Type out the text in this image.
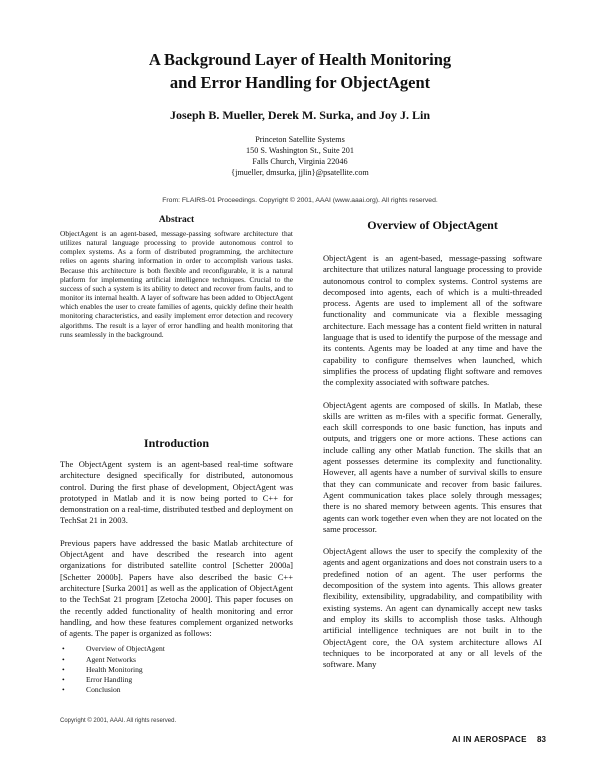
A Background Layer of Health Monitoring
and Error Handling for ObjectAgent
Joseph B. Mueller, Derek M. Surka, and Joy J. Lin
Princeton Satellite Systems
150 S. Washington St., Suite 201
Falls Church, Virginia 22046
{jmueller, dmsurka, jjlin}@psatellite.com
From: FLAIRS-01 Proceedings. Copyright © 2001, AAAI (www.aaai.org). All rights reserved.
Abstract

ObjectAgent is an agent-based, message-passing software architecture that utilizes natural language processing to provide autonomous control to complex systems. As a form of distributed programming, the architecture relies on agents sharing information in order to accomplish various tasks. Because this architecture is both flexible and reconfigurable, it is a natural platform for implementing artificial intelligence techniques. Crucial to the success of such a system is its ability to detect and recover from faults, and to monitor its internal health. A layer of software has been added to ObjectAgent which enables the user to create families of agents, quickly define their health monitoring characteristics, and easily implement error detection and recovery algorithms. The result is a layer of error handling and health monitoring that runs seamlessly in the background.

Introduction

The ObjectAgent system is an agent-based real-time software architecture designed specifically for distributed, autonomous control. During the first phase of development, ObjectAgent was prototyped in Matlab and it is now being ported to C++ for demonstration on a real-time, distributed testbed and deployment on TechSat 21 in 2003.

Previous papers have addressed the basic Matlab architecture of ObjectAgent and have described the research into agent organizations for distributed satellite control [Schetter 2000a] [Schetter 2000b]. Papers have also described the basic C++ architecture [Surka 2001] as well as the application of ObjectAgent to the TechSat 21 program [Zetocha 2000]. This paper focuses on the recently added functionality of health monitoring and error handling, and how these features complement organized networks of agents. The paper is organized as follows:

•	Overview of ObjectAgent
•	Agent Networks
•	Health Monitoring
•	Error Handling
•	Conclusion
Copyright © 2001, AAAI. All rights reserved.
Overview of ObjectAgent

ObjectAgent is an agent-based, message-passing software architecture that utilizes natural language processing to provide autonomous control to complex systems. Control systems are decomposed into agents, each of which is a multi-threaded process. Agents are used to implement all of the software functionality and communicate via a flexible messaging architecture. Each message has a content field written in natural language that is used to identify the purpose of the message and its contents. Agents may be loaded at any time and have the capability to configure themselves when launched, which simplifies the process of updating flight software and removes the complexity associated with software patches.

ObjectAgent agents are composed of skills. In Matlab, these skills are written as m-files with a specific format. Generally, each skill corresponds to one basic function, has inputs and outputs, and triggers one or more actions. These actions can include calling any other Matlab function. The skills that an agent possesses determine its complexity and functionality. However, all agents have a number of survival skills to ensure that they can communicate and recover from basic failures. Agent communication takes place solely through messages; there is no shared memory between agents. This ensures that agents can work together even when they are not located on the same processor.

ObjectAgent allows the user to specify the complexity of the agents and agent organizations and does not constrain users to a predefined notion of an agent. The user performs the decomposition of the system into agents. This allows greater flexibility, extensibility, upgradability, and compatibility with existing systems. An agent can dynamically accept new tasks and employ its skills to accomplish those tasks. Although artificial intelligence techniques are not built in to the ObjectAgent core, the OA system architecture allows AI techniques to be incorporated at any or all levels of the software. Many

AI IN AEROSPACE 83
